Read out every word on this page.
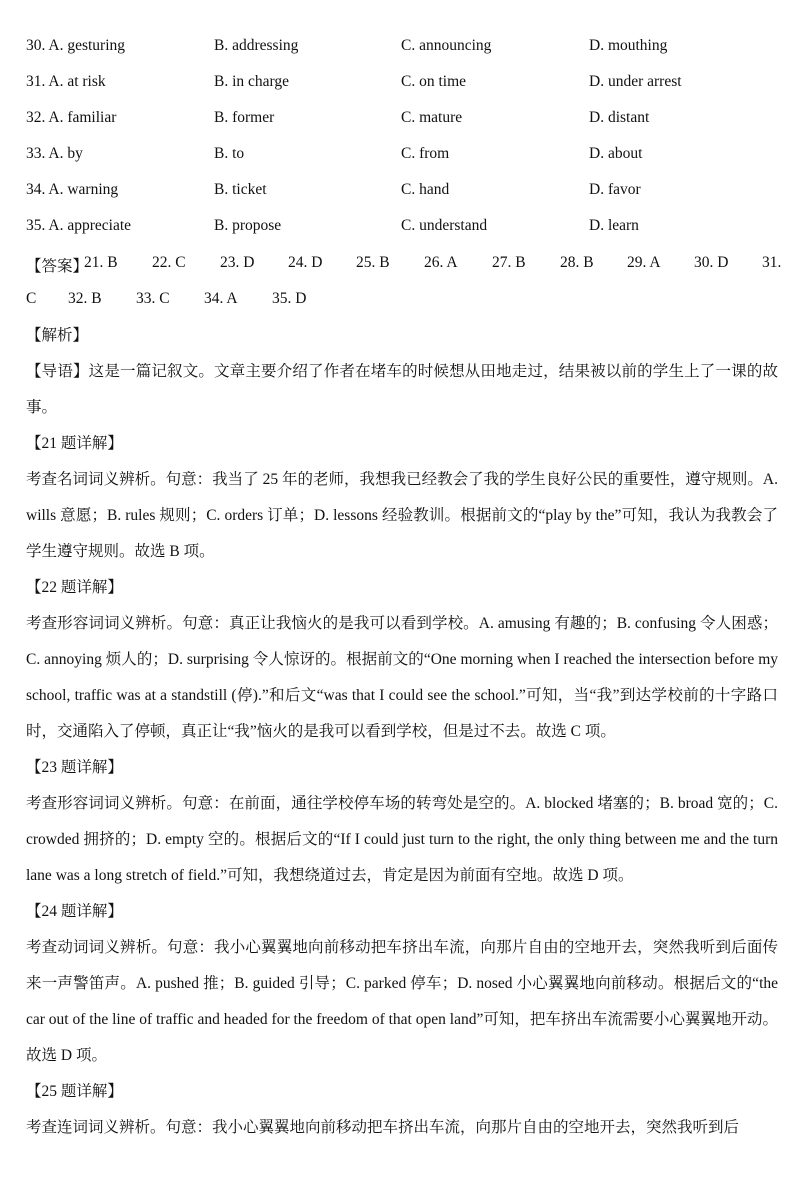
30. A. gesturing	B. addressing	C. announcing	D. mouthing
31. A. at risk	B. in charge	C. on time	D. under arrest
32. A. familiar	B. former	C. mature	D. distant
33. A. by	B. to	C. from	D. about
34. A. warning	B. ticket	C. hand	D. favor
35. A. appreciate	B. propose	C. understand	D. learn
【答案】
21. B 22. C 23. D 24. D 25. B 26. A 27. B 28. B 29. A 30. D 31.
C 32. B 33. C 34. A 35. D
【解析】
【导语】这是一篇记叙文。文章主要介绍了作者在堵车的时候想从田地走过，结果被以前的学生上了一课的故事。
【21 题详解】
考查名词词义辨析。句意：我当了 25 年的老师，我想我已经教会了我的学生良好公民的重要性，遵守规则。A. wills 意愿；B. rules 规则；C. orders 订单；D. lessons 经验教训。根据前文的“play by the”可知，我认为我教会了学生遵守规则。故选 B 项。
【22 题详解】
考查形容词词义辨析。句意：真正让我恼火的是我可以看到学校。A. amusing 有趣的；B. confusing 令人困惑；C. annoying 烦人的；D. surprising 令人惊讶的。根据前文的“One morning when I reached the intersection before my school, traffic was at a standstill (停).”和后文“was that I could see the school.”可知，当“我”到达学校前的十字路口时，交通陷入了停顿，真正让“我”恼火的是我可以看到学校，但是过不去。故选 C 项。
【23 题详解】
考查形容词词义辨析。句意：在前面，通往学校停车场的转弯处是空的。A. blocked 堵塞的；B. broad 宽的；C. crowded 拥挤的；D. empty 空的。根据后文的“If I could just turn to the right, the only thing between me and the turn lane was a long stretch of field.”可知，我想绕道过去，肯定是因为前面有空地。故选 D 项。
【24 题详解】
考查动词词义辨析。句意：我小心翼翼地向前移动把车挤出车流，向那片自由的空地开去，突然我听到后面传来一声警笛声。A. pushed 推；B. guided 引导；C. parked 停车；D. nosed 小心翼翼地向前移动。根据后文的“the car out of the line of traffic and headed for the freedom of that open land”可知，把车挤出车流需要小心翼翼地开动。故选 D 项。
【25 题详解】
考查连词词义辨析。句意：我小心翼翼地向前移动把车挤出车流，向那片自由的空地开去，突然我听到后
